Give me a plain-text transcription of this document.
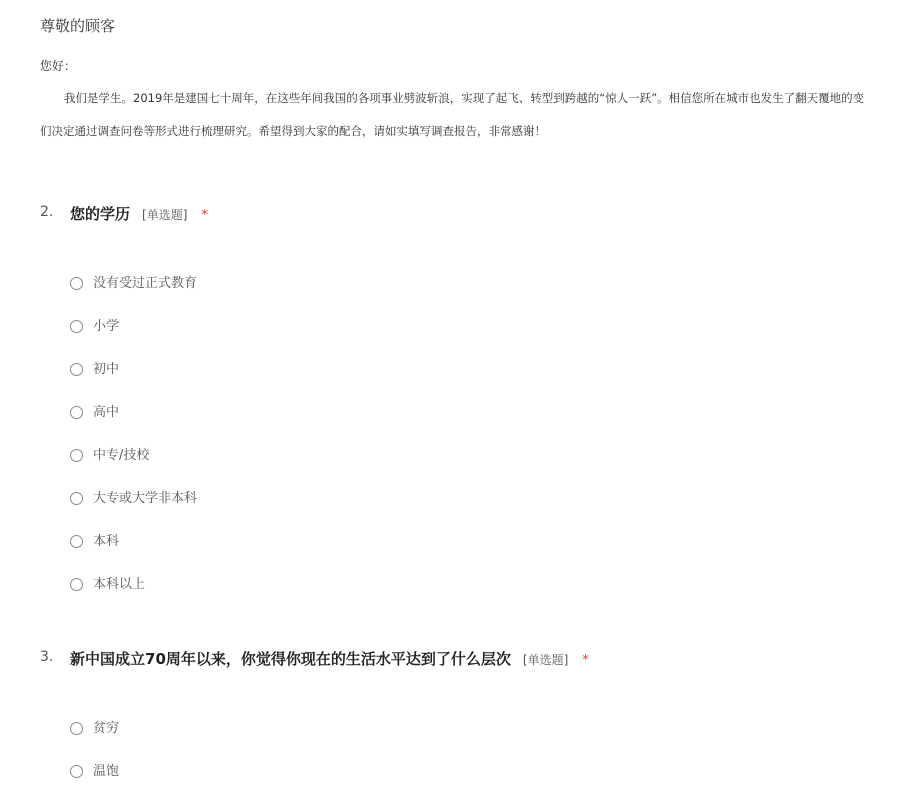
尊敬的顾客
您好：
我们是学生。2019年是建国七十周年，在这些年间我国的各项事业劈波斩浪，实现了起飞、转型到跨越的“惊人一跃”。相信您所在城市也发生了翻天覆地的变
们决定通过调查问卷等形式进行梳理研究。希望得到大家的配合，请如实填写调查报告，非常感谢！
2. 您的学历 [单选题] *
没有受过正式教育
小学
初中
高中
中专/技校
大专或大学非本科
本科
本科以上
3. 新中国成立70周年以来，你觉得你现在的生活水平达到了什么层次 [单选题] *
贫穷
温饱
